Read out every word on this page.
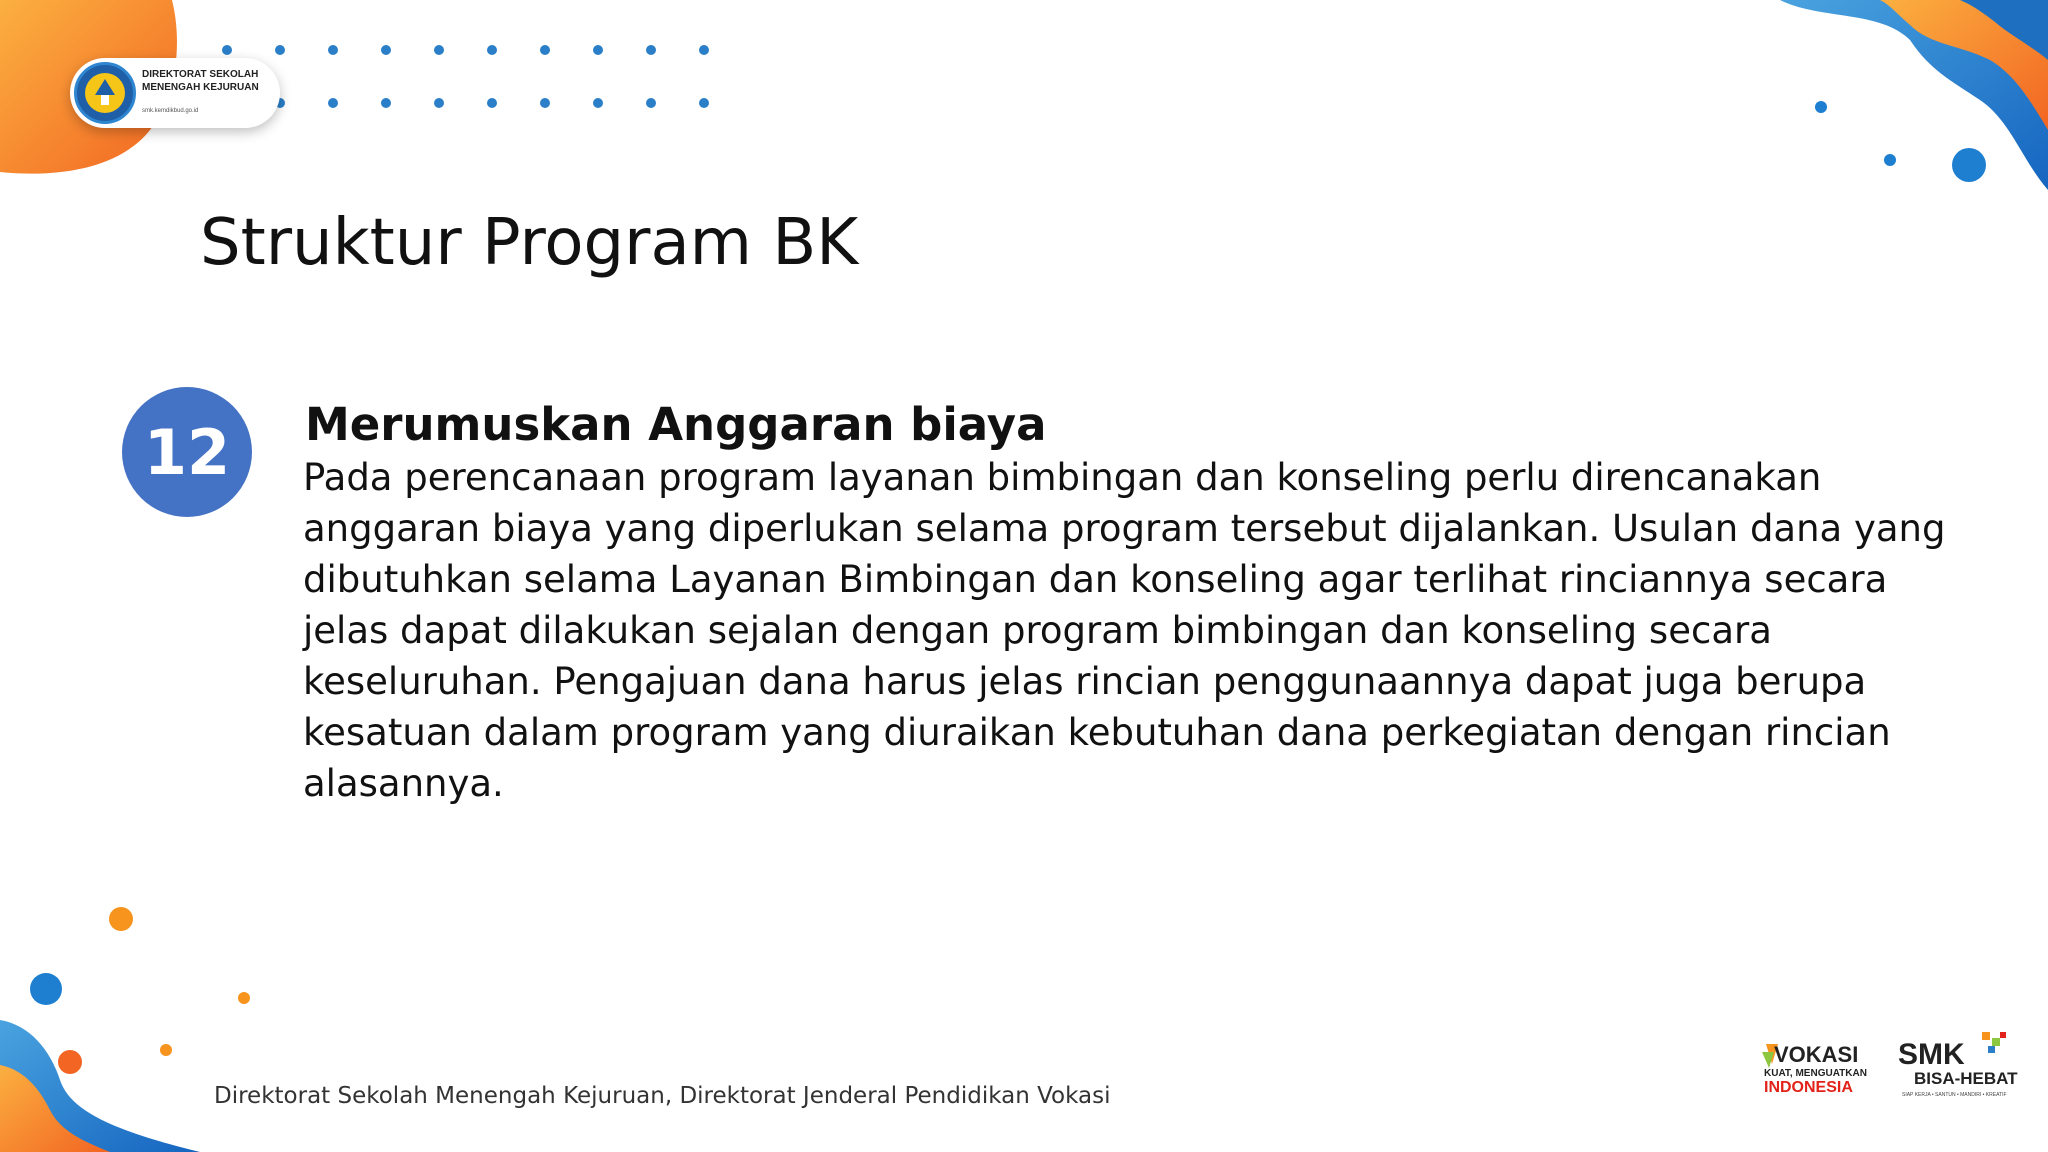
DIREKTORAT SEKOLAH MENENGAH KEJURUAN
smk.kemdikbud.go.id
Struktur Program BK
12	Merumuskan Anggaran biaya

Pada perencanaan program layanan bimbingan dan konseling perlu direncanakan anggaran biaya yang diperlukan selama program tersebut dijalankan. Usulan dana yang dibutuhkan selama Layanan Bimbingan dan konseling agar terlihat rinciannya secara jelas dapat dilakukan sejalan dengan program bimbingan dan konseling secara keseluruhan. Pengajuan dana harus jelas rincian penggunaannya dapat juga berupa kesatuan dalam program yang diuraikan kebutuhan dana perkegiatan dengan rincian alasannya.

Direktorat Sekolah Menengah Kejuruan, Direktorat Jenderal Pendidikan Vokasi
VOKASI
KUAT, MENGUATKAN
INDONESIA
SMK
BISA-HEBAT
SIAP KERJA • SANTUN • MANDIRI • KREATIF
